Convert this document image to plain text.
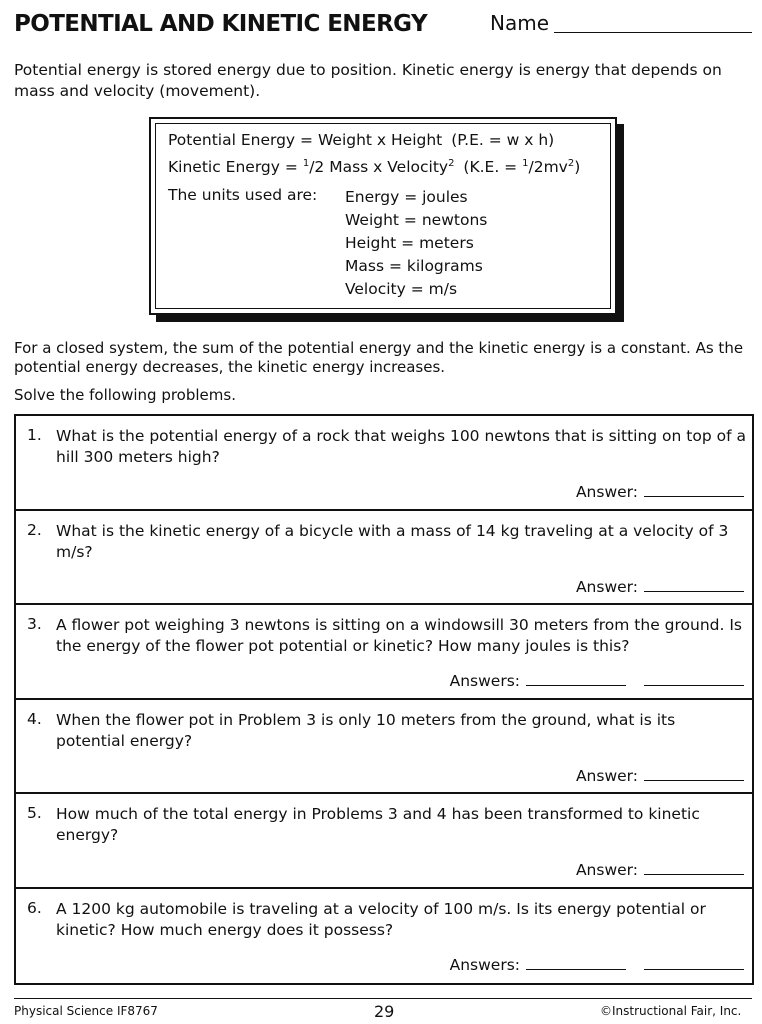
POTENTIAL AND KINETIC ENERGY	Name

Potential energy is stored energy due to position. Kinetic energy is energy that depends on mass and velocity (movement).

Potential Energy = Weight x Height (P.E. = w x h)
Kinetic Energy = $^1$/2 Mass x Velocity$^2$ (K.E. = $^1/2mv^2$)
The units used are: Energy = joules
Weight = newtons
Height = meters
Mass = kilograms
Velocity = m/s

For a closed system, the sum of the potential energy and the kinetic energy is a constant. As the potential energy decreases, the kinetic energy increases.

Solve the following problems.

1. What is the potential energy of a rock that weighs 100 newtons that is sitting on top of a hill 300 meters high?
Answer:
2. What is the kinetic energy of a bicycle with a mass of 14 kg traveling at a velocity of 3 m/s?
Answer:
3. A flower pot weighing 3 newtons is sitting on a windowsill 30 meters from the ground. Is the energy of the flower pot potential or kinetic? How many joules is this?
Answers:
4. When the flower pot in Problem 3 is only 10 meters from the ground, what is its potential energy?
Answer:
5. How much of the total energy in Problems 3 and 4 has been transformed to kinetic energy?
Answer:
6. A 1200 kg automobile is traveling at a velocity of 100 m/s. Is its energy potential or kinetic? How much energy does it possess?
Answers:
Physical Science IF8767	29	©Instructional Fair, Inc.
